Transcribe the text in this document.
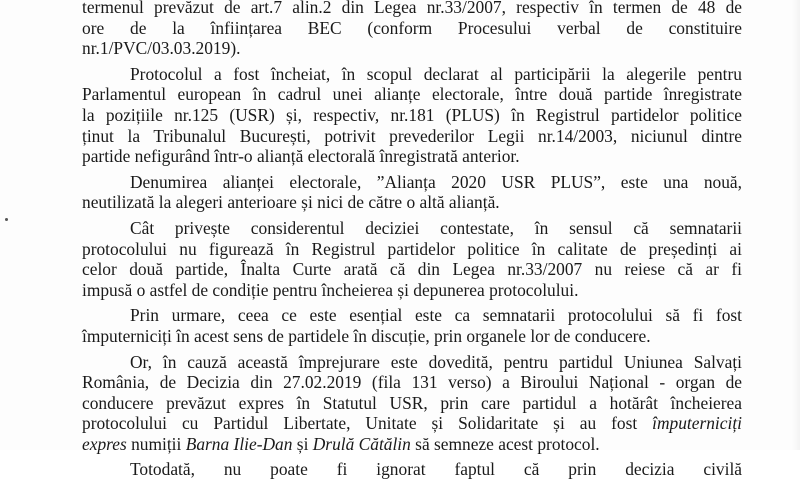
termenul prevăzut de art.7 alin.2 din Legea nr.33/2007, respectiv în termen de 48 de
ore de la înființarea BEC (conform Procesului verbal de constituire
nr.1/PVC/03.03.2019).
Protocolul a fost încheiat, în scopul declarat al participării la alegerile pentru
Parlamentul european în cadrul unei alianțe electorale, între două partide înregistrate
la pozițiile nr.125 (USR) și, respectiv, nr.181 (PLUS) în Registrul partidelor politice
ținut la Tribunalul București, potrivit prevederilor Legii nr.14/2003, niciunul dintre
partide nefigurând într-o alianță electorală înregistrată anterior.
Denumirea alianței electorale, ”Alianța 2020 USR PLUS”, este una nouă,
neutilizată la alegeri anterioare și nici de către o altă alianță.
Cât privește considerentul deciziei contestate, în sensul că semnatarii
protocolului nu figurează în Registrul partidelor politice în calitate de președinți ai
celor două partide, Înalta Curte arată că din Legea nr.33/2007 nu reiese că ar fi
impusă o astfel de condiție pentru încheierea și depunerea protocolului.
Prin urmare, ceea ce este esențial este ca semnatarii protocolului să fi fost
împuterniciți în acest sens de partidele în discuție, prin organele lor de conducere.
Or, în cauză această împrejurare este dovedită, pentru partidul Uniunea Salvați
România, de Decizia din 27.02.2019 (fila 131 verso) a Biroului Național - organ de
conducere prevăzut expres în Statutul USR, prin care partidul a hotărât încheierea
protocolului cu Partidul Libertate, Unitate și Solidaritate și au fost împuterniciți
expres numiții Barna Ilie-Dan și Drulă Cătălin să semneze acest protocol.
Totodată, nu poate fi ignorat faptul că prin decizia civilă
